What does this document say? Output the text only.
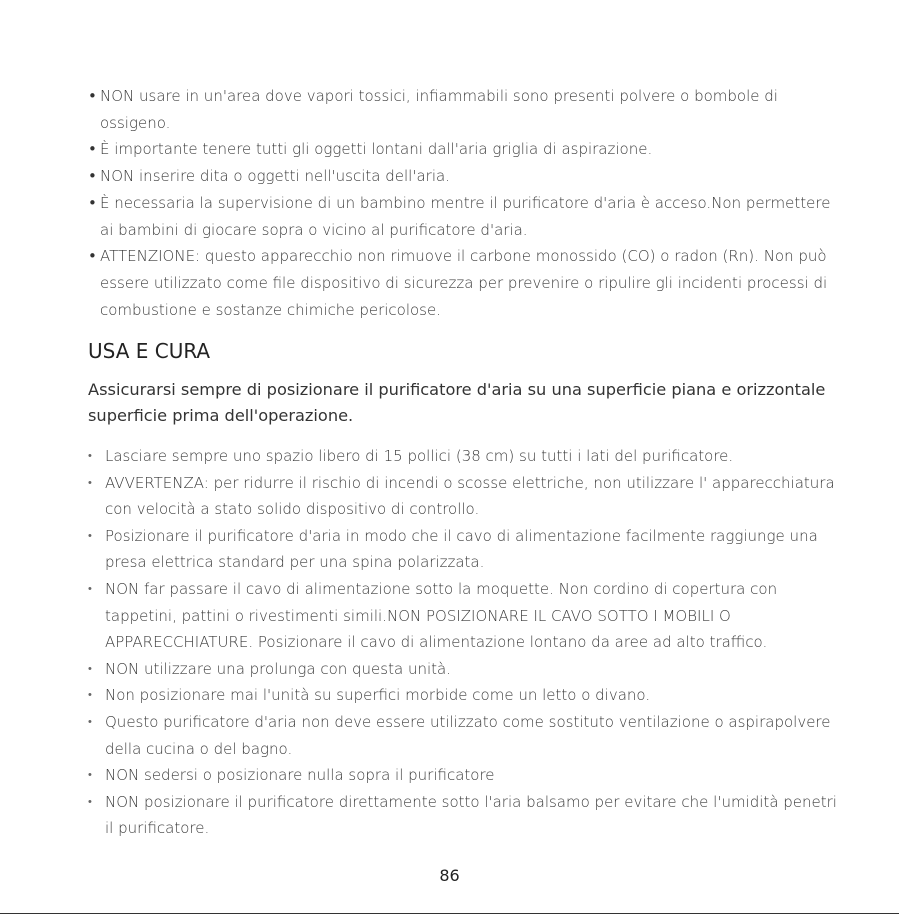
• NON usare in un'area dove vapori tossici, infiammabili sono presenti polvere o bombole di ossigeno.
• È importante tenere tutti gli oggetti lontani dall'aria griglia di aspirazione.
• NON inserire dita o oggetti nell'uscita dell'aria.
• È necessaria la supervisione di un bambino mentre il purificatore d'aria è acceso.Non permettere ai bambini di giocare sopra o vicino al purificatore d'aria.
• ATTENZIONE: questo apparecchio non rimuove il carbone monossido (CO) o radon (Rn). Non può essere utilizzato come file dispositivo di sicurezza per prevenire o ripulire gli incidenti processi di combustione e sostanze chimiche pericolose.
USA E CURA

Assicurarsi sempre di posizionare il purificatore d'aria su una superficie piana e orizzontale superficie prima dell'operazione.

• Lasciare sempre uno spazio libero di 15 pollici (38 cm) su tutti i lati del purificatore.
• AVVERTENZA: per ridurre il rischio di incendi o scosse elettriche, non utilizzare l' apparecchiatura con velocità a stato solido dispositivo di controllo.
• Posizionare il purificatore d'aria in modo che il cavo di alimentazione facilmente raggiunge una presa elettrica standard per una spina polarizzata.
• NON far passare il cavo di alimentazione sotto la moquette. Non cordino di copertura con tappetini, pattini o rivestimenti simili.NON POSIZIONARE IL CAVO SOTTO I MOBILI O APPARECCHIATURE. Posizionare il cavo di alimentazione lontano da aree ad alto traffico.
• NON utilizzare una prolunga con questa unità.
• Non posizionare mai l'unità su superfici morbide come un letto o divano.
• Questo purificatore d'aria non deve essere utilizzato come sostituto ventilazione o aspirapolvere della cucina o del bagno.
• NON sedersi o posizionare nulla sopra il purificatore
• NON posizionare il purificatore direttamente sotto l'aria balsamo per evitare che l'umidità penetri il purificatore.
86
